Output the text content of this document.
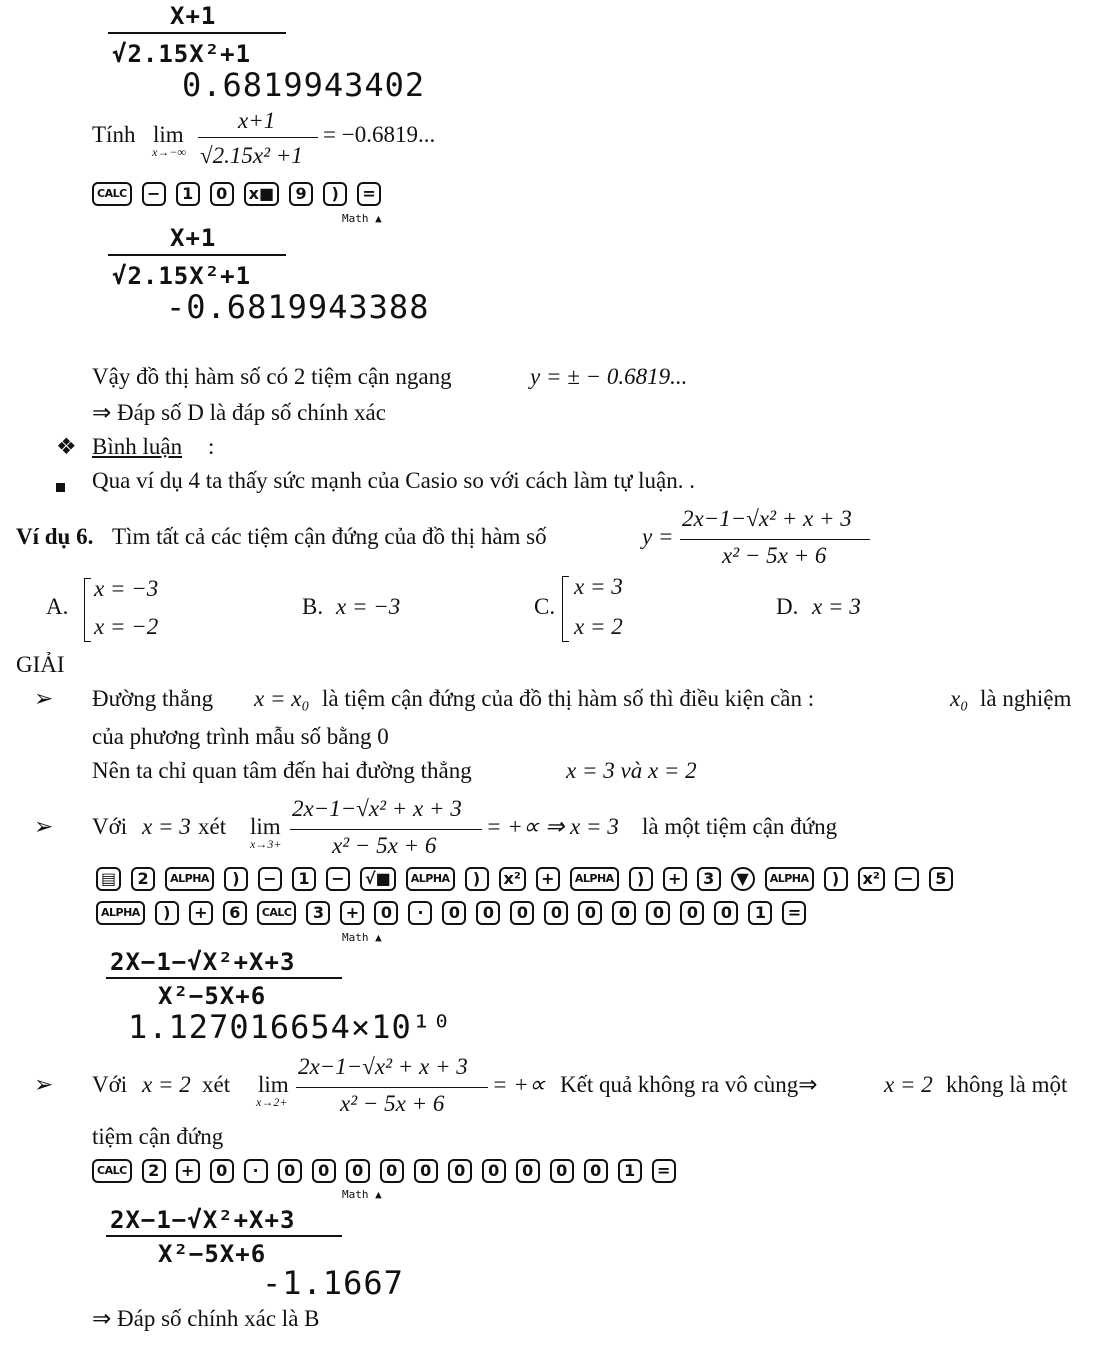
X+1
√2.15X²+1
0.6819943402
Tính lim
x→−∞
x+1
√2.15x² +1
= −0.6819...
CALC − 1 0 x■ 9 ) =
Math ▲
X+1
√2.15X²+1
-0.6819943388
Vậy đồ thị hàm số có 2 tiệm cận ngang	y = ± − 0.6819...
⇒ Đáp số D là đáp số chính xác
❖ Bình luận :
Qua ví dụ 4 ta thấy sức mạnh của Casio so với cách làm tự luận. .
Ví dụ 6. Tìm tất cả các tiệm cận đứng của đồ thị hàm số	y =
2x−1−√x² + x + 3
x² − 5x + 6
A.
x = −3
x = −2
B. x = −3	C.
x = 3
x = 2
D. x = 3
GIẢI
➢ Đường thẳng x = x₀ là tiệm cận đứng của đồ thị hàm số thì điều kiện cần :	x₀ là nghiệm
của phương trình mẫu số bằng 0
Nên ta chỉ quan tâm đến hai đường thẳng	x = 3 và x = 2
➢ Với x = 3 xét lim
x→3+
2x−1−√x² + x + 3
x² − 5x + 6
= +∝ ⇒ x = 3 là một tiệm cận đứng
▤ 2 ALPHA ) − 1 − √■ ALPHA ) x² + ALPHA ) + 3 ▼ ALPHA ) x² − 5
ALPHA ) + 6 CALC 3 + 0 · 0 0 0 0 0 0 0 0 0 1 =
Math ▲
2X−1−√X²+X+3
X²−5X+6
1.127016654×10¹⁰
➢ Với x = 2 xét lim
x→2+
2x−1−√x² + x + 3
x² − 5x + 6
= +∝ Kết quả không ra vô cùng⇒	x = 2 không là một
tiệm cận đứng
CALC 2 + 0 · 0 0 0 0 0 0 0 0 0 0 1 =
Math ▲
2X−1−√X²+X+3
X²−5X+6
-1.1667
⇒ Đáp số chính xác là B
